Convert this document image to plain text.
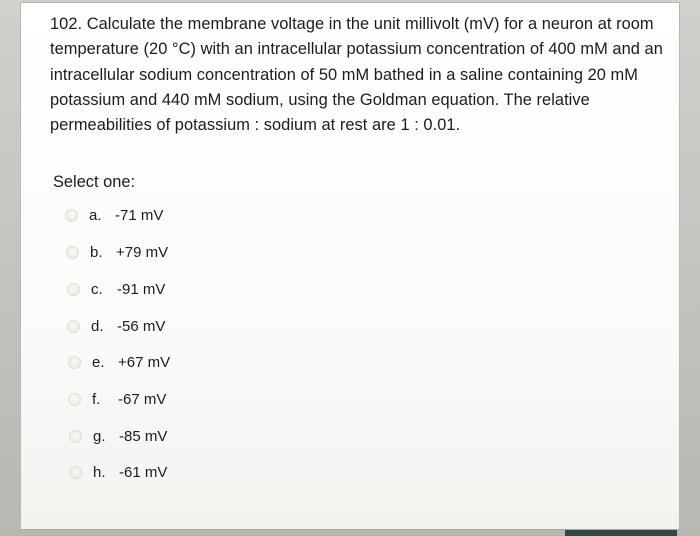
102. Calculate the membrane voltage in the unit millivolt (mV) for a neuron at room temperature (20 °C) with an intracellular potassium concentration of 400 mM and an intracellular sodium concentration of 50 mM bathed in a saline containing 20 mM potassium and 440 mM sodium, using the Goldman equation. The relative permeabilities of potassium : sodium at rest are 1 : 0.01.

Select one:

a. -71 mV
b. +79 mV
c. -91 mV
d. -56 mV
e. +67 mV
f.	-67 mV
g. -85 mV
h. -61 mV
